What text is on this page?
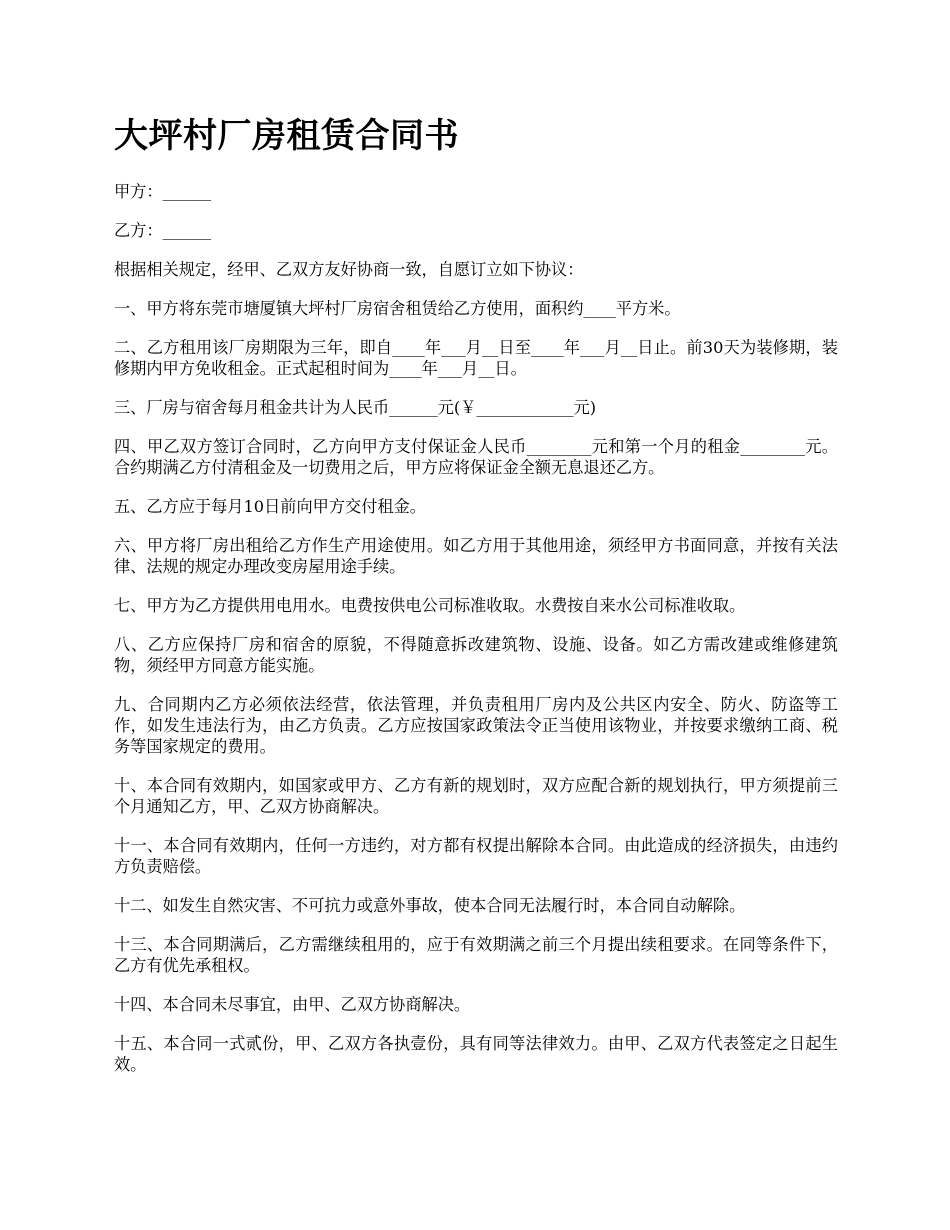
大坪村厂房租赁合同书

甲方：______

乙方：______

根据相关规定，经甲、乙双方友好协商一致，自愿订立如下协议：

一、甲方将东莞市塘厦镇大坪村厂房宿舍租赁给乙方使用，面积约____平方米。

二、乙方租用该厂房期限为三年，即自____年___月__日至____年___月__日止。前30天为装修期，装修期内甲方免收租金。正式起租时间为____年___月__日。

三、厂房与宿舍每月租金共计为人民币______元(￥____________元)

四、甲乙双方签订合同时，乙方向甲方支付保证金人民币________元和第一个月的租金________元。合约期满乙方付清租金及一切费用之后，甲方应将保证金全额无息退还乙方。

五、乙方应于每月10日前向甲方交付租金。

六、甲方将厂房出租给乙方作生产用途使用。如乙方用于其他用途，须经甲方书面同意，并按有关法律、法规的规定办理改变房屋用途手续。

七、甲方为乙方提供用电用水。电费按供电公司标准收取。水费按自来水公司标准收取。

八、乙方应保持厂房和宿舍的原貌，不得随意拆改建筑物、设施、设备。如乙方需改建或维修建筑物，须经甲方同意方能实施。

九、合同期内乙方必须依法经营，依法管理，并负责租用厂房内及公共区内安全、防火、防盗等工作，如发生违法行为，由乙方负责。乙方应按国家政策法令正当使用该物业，并按要求缴纳工商、税务等国家规定的费用。

十、本合同有效期内，如国家或甲方、乙方有新的规划时，双方应配合新的规划执行，甲方须提前三个月通知乙方，甲、乙双方协商解决。

十一、本合同有效期内，任何一方违约，对方都有权提出解除本合同。由此造成的经济损失，由违约方负责赔偿。

十二、如发生自然灾害、不可抗力或意外事故，使本合同无法履行时，本合同自动解除。

十三、本合同期满后，乙方需继续租用的，应于有效期满之前三个月提出续租要求。在同等条件下，乙方有优先承租权。

十四、本合同未尽事宜，由甲、乙双方协商解决。

十五、本合同一式贰份，甲、乙双方各执壹份，具有同等法律效力。由甲、乙双方代表签定之日起生效。
